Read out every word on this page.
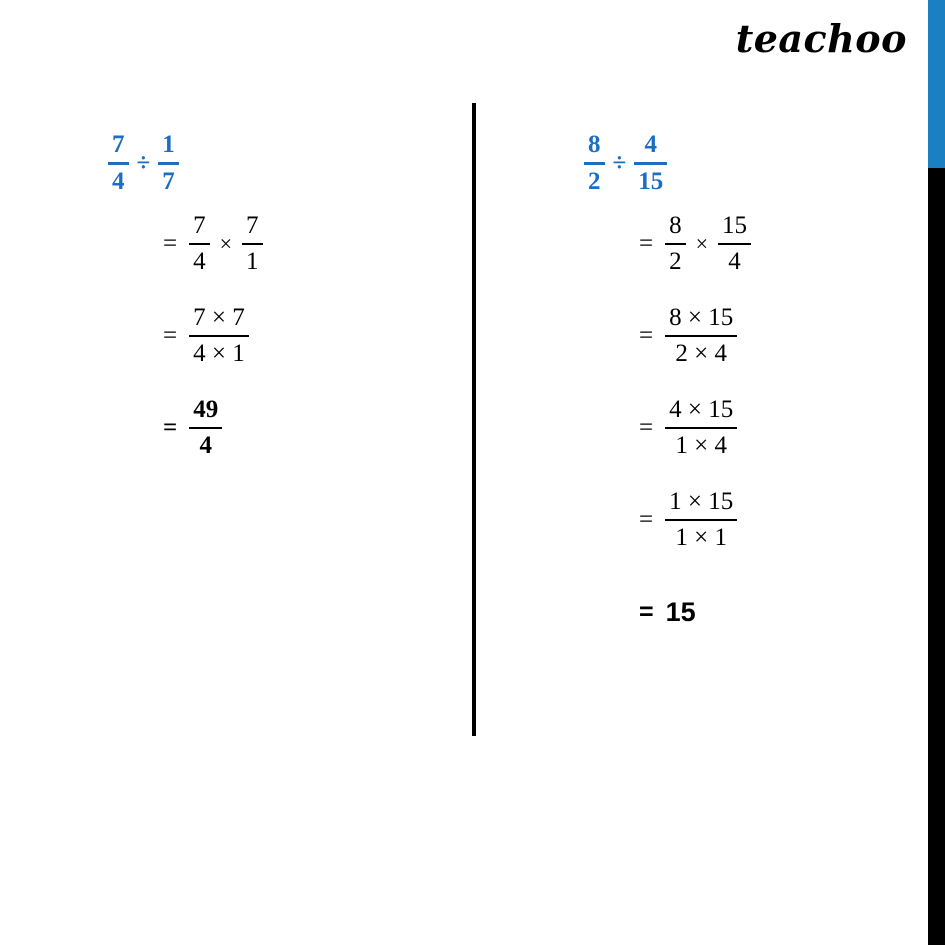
teachoo
$\frac{7}{4} \div \frac{1}{7}$
= $\frac{7}{4} \times \frac{7}{1}$
= $\frac{7 \times 7}{4 \times 1}$
= $\frac{49}{4}$
$\frac{8}{2} \div \frac{4}{15}$
= $\frac{8}{2} \times \frac{15}{4}$
= $\frac{8 \times 15}{2 \times 4}$
= $\frac{4 \times 15}{1 \times 4}$
= $\frac{1 \times 15}{1 \times 1}$
= 15
